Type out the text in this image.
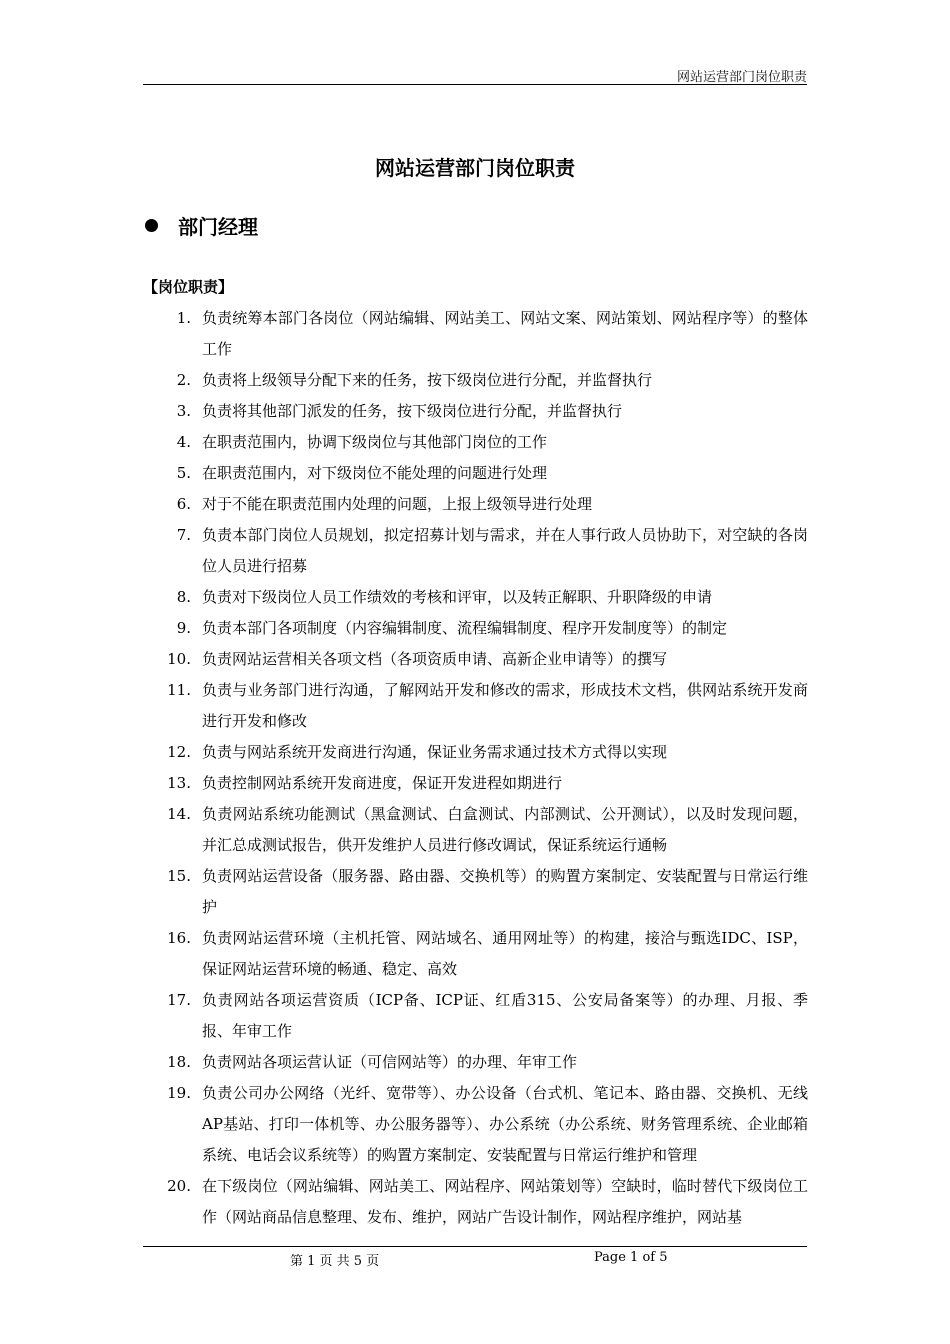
网站运营部门岗位职责
网站运营部门岗位职责
部门经理
【岗位职责】
1. 负责统筹本部门各岗位（网站编辑、网站美工、网站文案、网站策划、网站程序等）的整体工作
2. 负责将上级领导分配下来的任务，按下级岗位进行分配，并监督执行
3. 负责将其他部门派发的任务，按下级岗位进行分配，并监督执行
4. 在职责范围内，协调下级岗位与其他部门岗位的工作
5. 在职责范围内，对下级岗位不能处理的问题进行处理
6. 对于不能在职责范围内处理的问题，上报上级领导进行处理
7. 负责本部门岗位人员规划，拟定招募计划与需求，并在人事行政人员协助下，对空缺的各岗位人员进行招募
8. 负责对下级岗位人员工作绩效的考核和评审，以及转正解职、升职降级的申请
9. 负责本部门各项制度（内容编辑制度、流程编辑制度、程序开发制度等）的制定
10. 负责网站运营相关各项文档（各项资质申请、高新企业申请等）的撰写
11. 负责与业务部门进行沟通，了解网站开发和修改的需求，形成技术文档，供网站系统开发商进行开发和修改
12. 负责与网站系统开发商进行沟通，保证业务需求通过技术方式得以实现
13. 负责控制网站系统开发商进度，保证开发进程如期进行
14. 负责网站系统功能测试（黑盒测试、白盒测试、内部测试、公开测试），以及时发现问题，并汇总成测试报告，供开发维护人员进行修改调试，保证系统运行通畅
15. 负责网站运营设备（服务器、路由器、交换机等）的购置方案制定、安装配置与日常运行维护
16. 负责网站运营环境（主机托管、网站域名、通用网址等）的构建，接洽与甄选IDC、ISP，保证网站运营环境的畅通、稳定、高效
17. 负责网站各项运营资质（ICP备、ICP证、红盾315、公安局备案等）的办理、月报、季报、年审工作
18. 负责网站各项运营认证（可信网站等）的办理、年审工作
19. 负责公司办公网络（光纤、宽带等）、办公设备（台式机、笔记本、路由器、交换机、无线AP基站、打印一体机等、办公服务器等）、办公系统（办公系统、财务管理系统、企业邮箱系统、电话会议系统等）的购置方案制定、安装配置与日常运行维护和管理
20. 在下级岗位（网站编辑、网站美工、网站程序、网站策划等）空缺时，临时替代下级岗位工作（网站商品信息整理、发布、维护，网站广告设计制作，网站程序维护，网站基
第 1 页 共 5 页	Page 1 of 5
